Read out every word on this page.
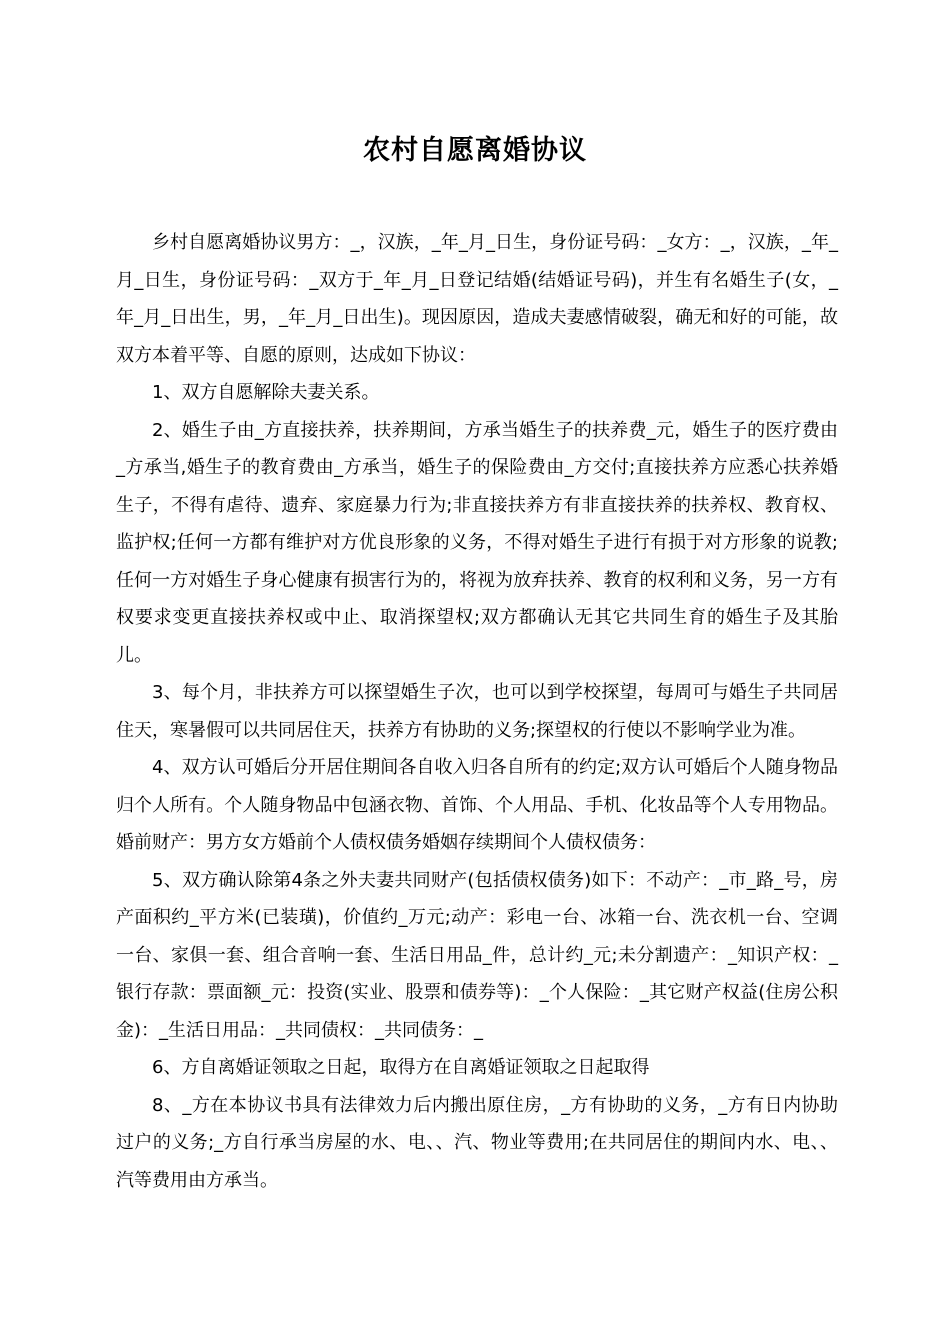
农村自愿离婚协议

乡村自愿离婚协议男方：_，汉族，_年_月_日生，身份证号码：_女方：_，汉族，_年_月_日生，身份证号码：_双方于_年_月_日登记结婚(结婚证号码)，并生有名婚生子(女，_年_月_日出生，男，_年_月_日出生)。现因原因，造成夫妻感情破裂，确无和好的可能，故双方本着平等、自愿的原则，达成如下协议：

1、双方自愿解除夫妻关系。

2、婚生子由_方直接扶养，扶养期间，方承当婚生子的扶养费_元，婚生子的医疗费由_方承当,婚生子的教育费由_方承当，婚生子的保险费由_方交付;直接扶养方应悉心扶养婚生子，不得有虐待、遗弃、家庭暴力行为;非直接扶养方有非直接扶养的扶养权、教育权、监护权;任何一方都有维护对方优良形象的义务，不得对婚生子进行有损于对方形象的说教;任何一方对婚生子身心健康有损害行为的，将视为放弃扶养、教育的权利和义务，另一方有权要求变更直接扶养权或中止、取消探望权;双方都确认无其它共同生育的婚生子及其胎儿。

3、每个月，非扶养方可以探望婚生子次，也可以到学校探望，每周可与婚生子共同居住天，寒暑假可以共同居住天，扶养方有协助的义务;探望权的行使以不影响学业为准。

4、双方认可婚后分开居住期间各自收入归各自所有的约定;双方认可婚后个人随身物品归个人所有。个人随身物品中包涵衣物、首饰、个人用品、手机、化妆品等个人专用物品。婚前财产：男方女方婚前个人债权债务婚姻存续期间个人债权债务：

5、双方确认除第4条之外夫妻共同财产(包括债权债务)如下：不动产：_市_路_号，房产面积约_平方米(已装璜)，价值约_万元;动产：彩电一台、冰箱一台、洗衣机一台、空调一台、家俱一套、组合音响一套、生活日用品_件，总计约_元;未分割遗产：_知识产权：_银行存款：票面额_元：投资(实业、股票和债券等)：_个人保险：_其它财产权益(住房公积金)：_生活日用品：_共同债权：_共同债务：_

6、方自离婚证领取之日起，取得方在自离婚证领取之日起取得

8、_方在本协议书具有法律效力后内搬出原住房，_方有协助的义务，_方有日内协助过户的义务;_方自行承当房屋的水、电、、汽、物业等费用;在共同居住的期间内水、电、、汽等费用由方承当。
